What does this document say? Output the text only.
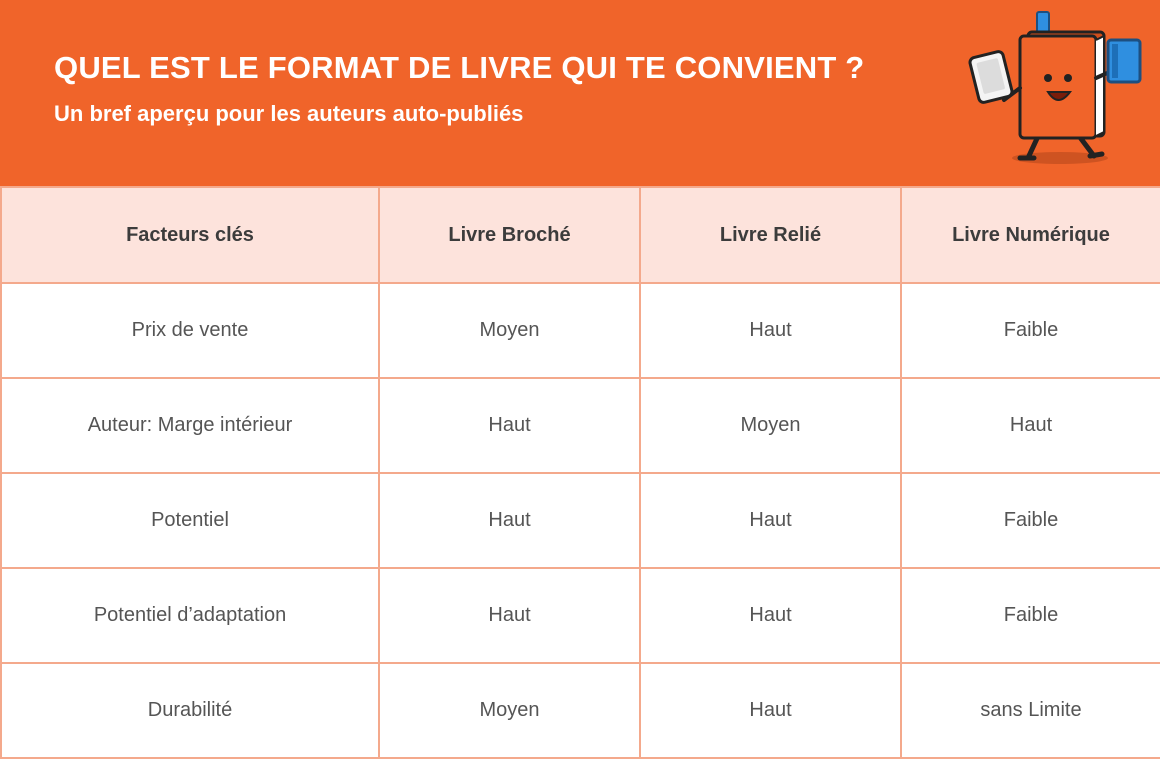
QUEL EST LE FORMAT DE LIVRE QUI TE CONVIENT ?
Un bref aperçu pour les auteurs auto-publiés
Facteurs clés	Livre Broché	Livre Relié	Livre Numérique
Prix de vente	Moyen	Haut	Faible
Auteur: Marge intérieur	Haut	Moyen	Haut
Potentiel	Haut	Haut	Faible
Potentiel d’adaptation	Haut	Haut	Faible
Durabilité	Moyen	Haut	sans Limite
